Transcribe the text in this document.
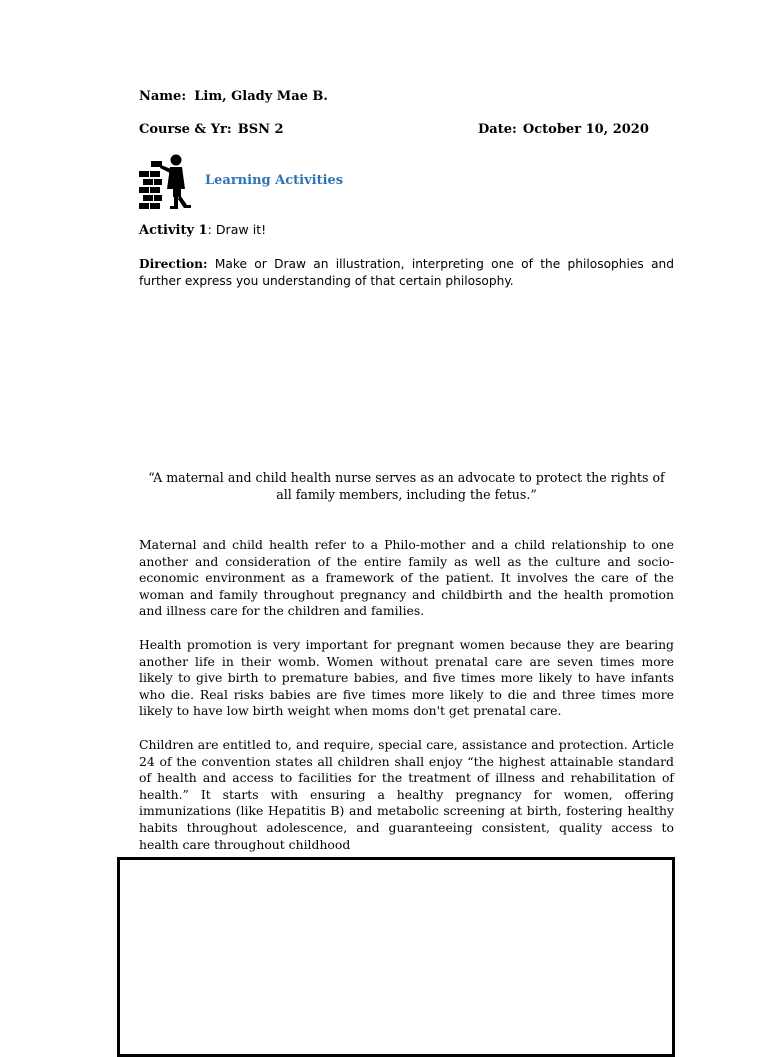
Name: Lim, Glady Mae B.
Course & Yr: BSN 2	Date: October 10, 2020
Learning Activities
Activity 1: Draw it!
Direction: Make or Draw an illustration, interpreting one of the philosophies and further express you understanding of that certain philosophy.
“A maternal and child health nurse serves as an advocate to protect the rights of all family members, including the fetus.”
Maternal and child health refer to a Philo-mother and a child relationship to one another and consideration of the entire family as well as the culture and socio-economic environment as a framework of the patient. It involves the care of the woman and family throughout pregnancy and childbirth and the health promotion and illness care for the children and families.
Health promotion is very important for pregnant women because they are bearing another life in their womb. Women without prenatal care are seven times more likely to give birth to premature babies, and five times more likely to have infants who die. Real risks babies are five times more likely to die and three times more likely to have low birth weight when moms don't get prenatal care.
Children are entitled to, and require, special care, assistance and protection. Article 24 of the convention states all children shall enjoy “the highest attainable standard of health and access to facilities for the treatment of illness and rehabilitation of health.” It starts with ensuring a healthy pregnancy for women, offering immunizations (like Hepatitis B) and metabolic screening at birth, fostering healthy habits throughout adolescence, and guaranteeing consistent, quality access to health care throughout childhood
